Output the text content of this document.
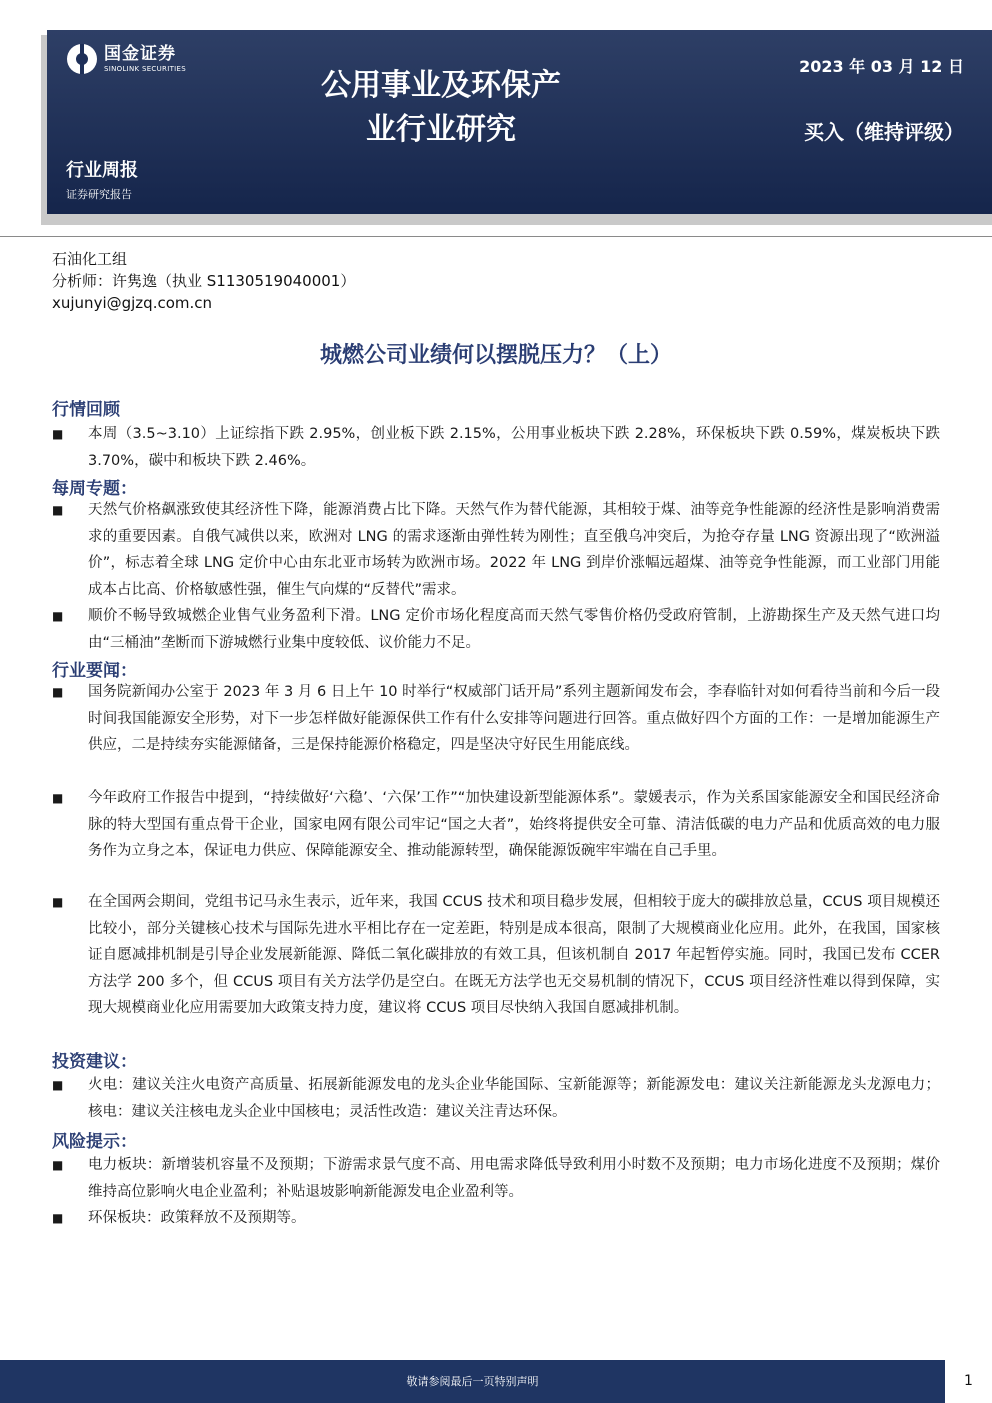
国金证券
SINOLINK SECURITIES	公用事业及环保产业行业研究
2023 年 03 月 12 日
买入（维持评级）
行业周报
证券研究报告
石油化工组
分析师：许隽逸（执业 S1130519040001）
xujunyi@gjzq.com.cn
城燃公司业绩何以摆脱压力？（上）
行情回顾
■	本周（3.5~3.10）上证综指下跌 2.95%，创业板下跌 2.15%，公用事业板块下跌 2.28%，环保板块下跌 0.59%，煤炭板块下跌 3.70%，碳中和板块下跌 2.46%。
每周专题：
■	天然气价格飙涨致使其经济性下降，能源消费占比下降。天然气作为替代能源，其相较于煤、油等竞争性能源的经济性是影响消费需求的重要因素。自俄气减供以来，欧洲对 LNG 的需求逐渐由弹性转为刚性；直至俄乌冲突后，为抢夺存量 LNG 资源出现了“欧洲溢价”，标志着全球 LNG 定价中心由东北亚市场转为欧洲市场。2022 年 LNG 到岸价涨幅远超煤、油等竞争性能源，而工业部门用能成本占比高、价格敏感性强，催生气向煤的“反替代”需求。
■	顺价不畅导致城燃企业售气业务盈利下滑。LNG 定价市场化程度高而天然气零售价格仍受政府管制，上游勘探生产及天然气进口均由“三桶油”垄断而下游城燃行业集中度较低、议价能力不足。
行业要闻：
■	国务院新闻办公室于 2023 年 3 月 6 日上午 10 时举行“权威部门话开局”系列主题新闻发布会，李春临针对如何看待当前和今后一段时间我国能源安全形势，对下一步怎样做好能源保供工作有什么安排等问题进行回答。重点做好四个方面的工作：一是增加能源生产供应，二是持续夯实能源储备，三是保持能源价格稳定，四是坚决守好民生用能底线。
■	今年政府工作报告中提到，“持续做好‘六稳’、‘六保’工作”“加快建设新型能源体系”。蒙媛表示，作为关系国家能源安全和国民经济命脉的特大型国有重点骨干企业，国家电网有限公司牢记“国之大者”，始终将提供安全可靠、清洁低碳的电力产品和优质高效的电力服务作为立身之本，保证电力供应、保障能源安全、推动能源转型，确保能源饭碗牢牢端在自己手里。
■	在全国两会期间，党组书记马永生表示，近年来，我国 CCUS 技术和项目稳步发展，但相较于庞大的碳排放总量，CCUS 项目规模还比较小，部分关键核心技术与国际先进水平相比存在一定差距，特别是成本很高，限制了大规模商业化应用。此外，在我国，国家核证自愿减排机制是引导企业发展新能源、降低二氧化碳排放的有效工具，但该机制自 2017 年起暂停实施。同时，我国已发布 CCER 方法学 200 多个，但 CCUS 项目有关方法学仍是空白。在既无方法学也无交易机制的情况下，CCUS 项目经济性难以得到保障，实现大规模商业化应用需要加大政策支持力度，建议将 CCUS 项目尽快纳入我国自愿减排机制。
投资建议：
■	火电：建议关注火电资产高质量、拓展新能源发电的龙头企业华能国际、宝新能源等；新能源发电：建议关注新能源龙头龙源电力；核电：建议关注核电龙头企业中国核电；灵活性改造：建议关注青达环保。
风险提示：
■	电力板块：新增装机容量不及预期；下游需求景气度不高、用电需求降低导致利用小时数不及预期；电力市场化进度不及预期；煤价维持高位影响火电企业盈利；补贴退坡影响新能源发电企业盈利等。
■	环保板块：政策释放不及预期等。
敬请参阅最后一页特别声明	1
